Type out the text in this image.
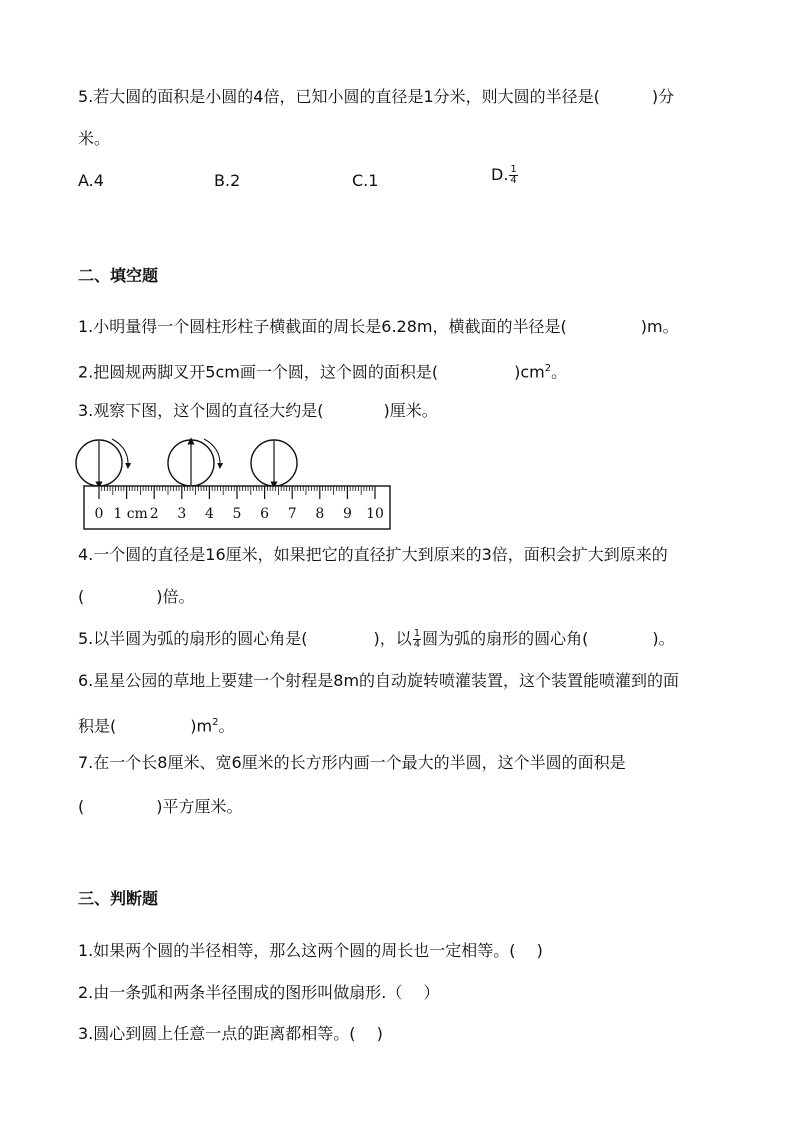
5.若大圆的面积是小圆的4倍，已知小圆的直径是1分米，则大圆的半径是(	)分
米。
A.4	B.2	C.1	D. $\frac{1}{4}$
二、填空题
1.小明量得一个圆柱形柱子横截面的周长是6.28m，横截面的半径是(	)m。
2.把圆规两脚叉开5cm画一个圆，这个圆的面积是(	)$cm^2$。
3.观察下图，这个圆的直径大约是(	)厘米。
0 1 cm 2 3 4 5 6 7 8 9 10
4.一个圆的直径是16厘米，如果把它的直径扩大到原来的3倍，面积会扩大到原来的
(	)倍。
5.以半圆为弧的扇形的圆心角是(	)，以 $\frac{1}{4}$ 圆为弧的扇形的圆心角(	)。
6.星星公园的草地上要建一个射程是8m的自动旋转喷灌装置，这个装置能喷灌到的面
积是(	)$m^2$。
7.在一个长8厘米、宽6厘米的长方形内画一个最大的半圆，这个半圆的面积是
(	)平方厘米。
三、判断题
1.如果两个圆的半径相等，那么这两个圆的周长也一定相等。(　 )
2.由一条弧和两条半径围成的图形叫做扇形.（　 ）
3.圆心到圆上任意一点的距离都相等。(　 )
